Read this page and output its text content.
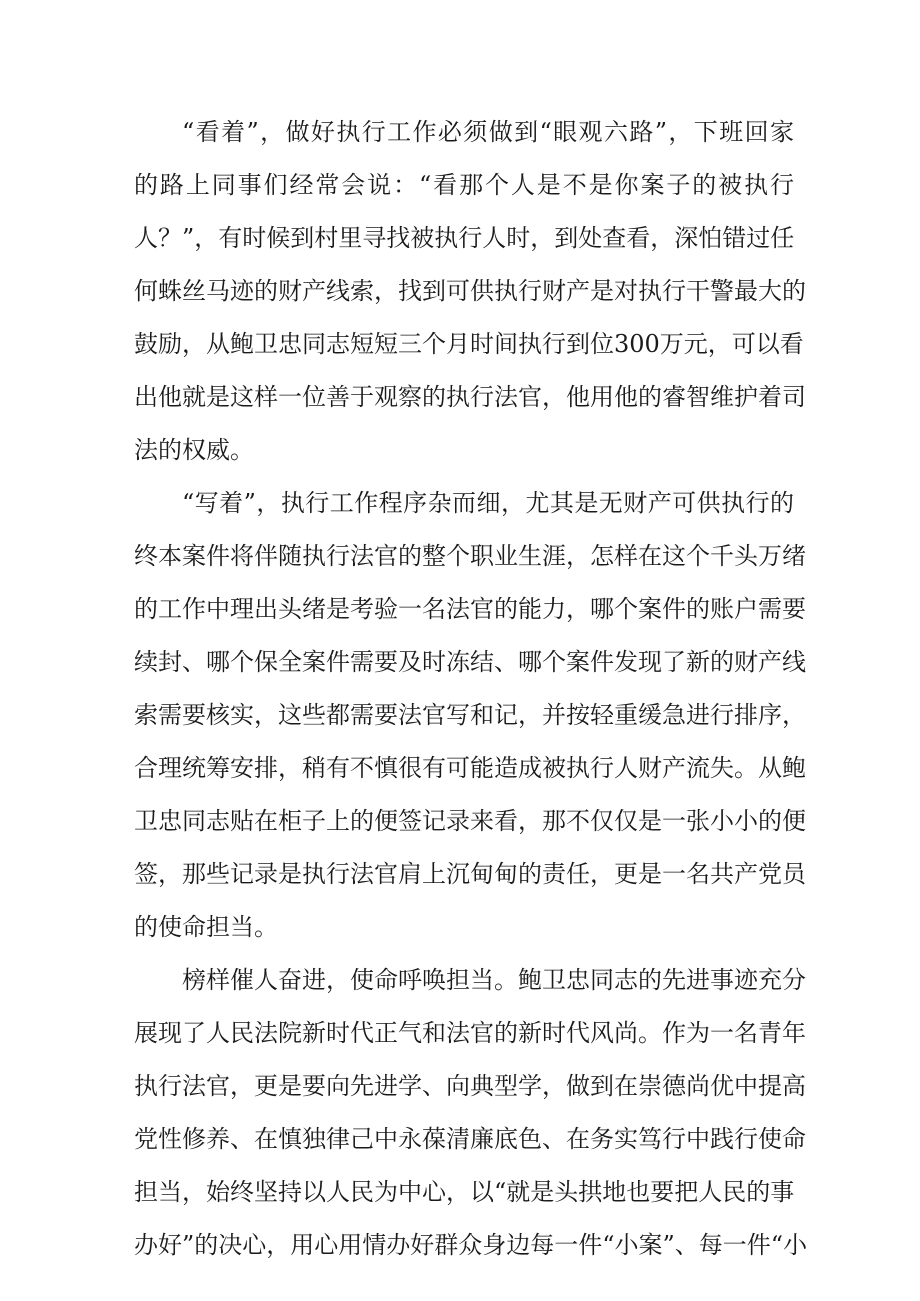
“看着”，做好执行工作必须做到“眼观六路”，下班回家
的路上同事们经常会说：“看那个人是不是你案子的被执行
人？”，有时候到村里寻找被执行人时，到处查看，深怕错过任
何蛛丝马迹的财产线索，找到可供执行财产是对执行干警最大的
鼓励，从鲍卫忠同志短短三个月时间执行到位300万元，可以看
出他就是这样一位善于观察的执行法官，他用他的睿智维护着司
法的权威。
“写着”，执行工作程序杂而细，尤其是无财产可供执行的
终本案件将伴随执行法官的整个职业生涯，怎样在这个千头万绪
的工作中理出头绪是考验一名法官的能力，哪个案件的账户需要
续封、哪个保全案件需要及时冻结、哪个案件发现了新的财产线
索需要核实，这些都需要法官写和记，并按轻重缓急进行排序，
合理统筹安排，稍有不慎很有可能造成被执行人财产流失。从鲍
卫忠同志贴在柜子上的便签记录来看，那不仅仅是一张小小的便
签，那些记录是执行法官肩上沉甸甸的责任，更是一名共产党员
的使命担当。
榜样催人奋进，使命呼唤担当。鲍卫忠同志的先进事迹充分
展现了人民法院新时代正气和法官的新时代风尚。作为一名青年
执行法官，更是要向先进学、向典型学，做到在崇德尚优中提高
党性修养、在慎独律己中永葆清廉底色、在务实笃行中践行使命
担当，始终坚持以人民为中心，以“就是头拱地也要把人民的事
办好”的决心，用心用情办好群众身边每一件“小案”、每一件“小
